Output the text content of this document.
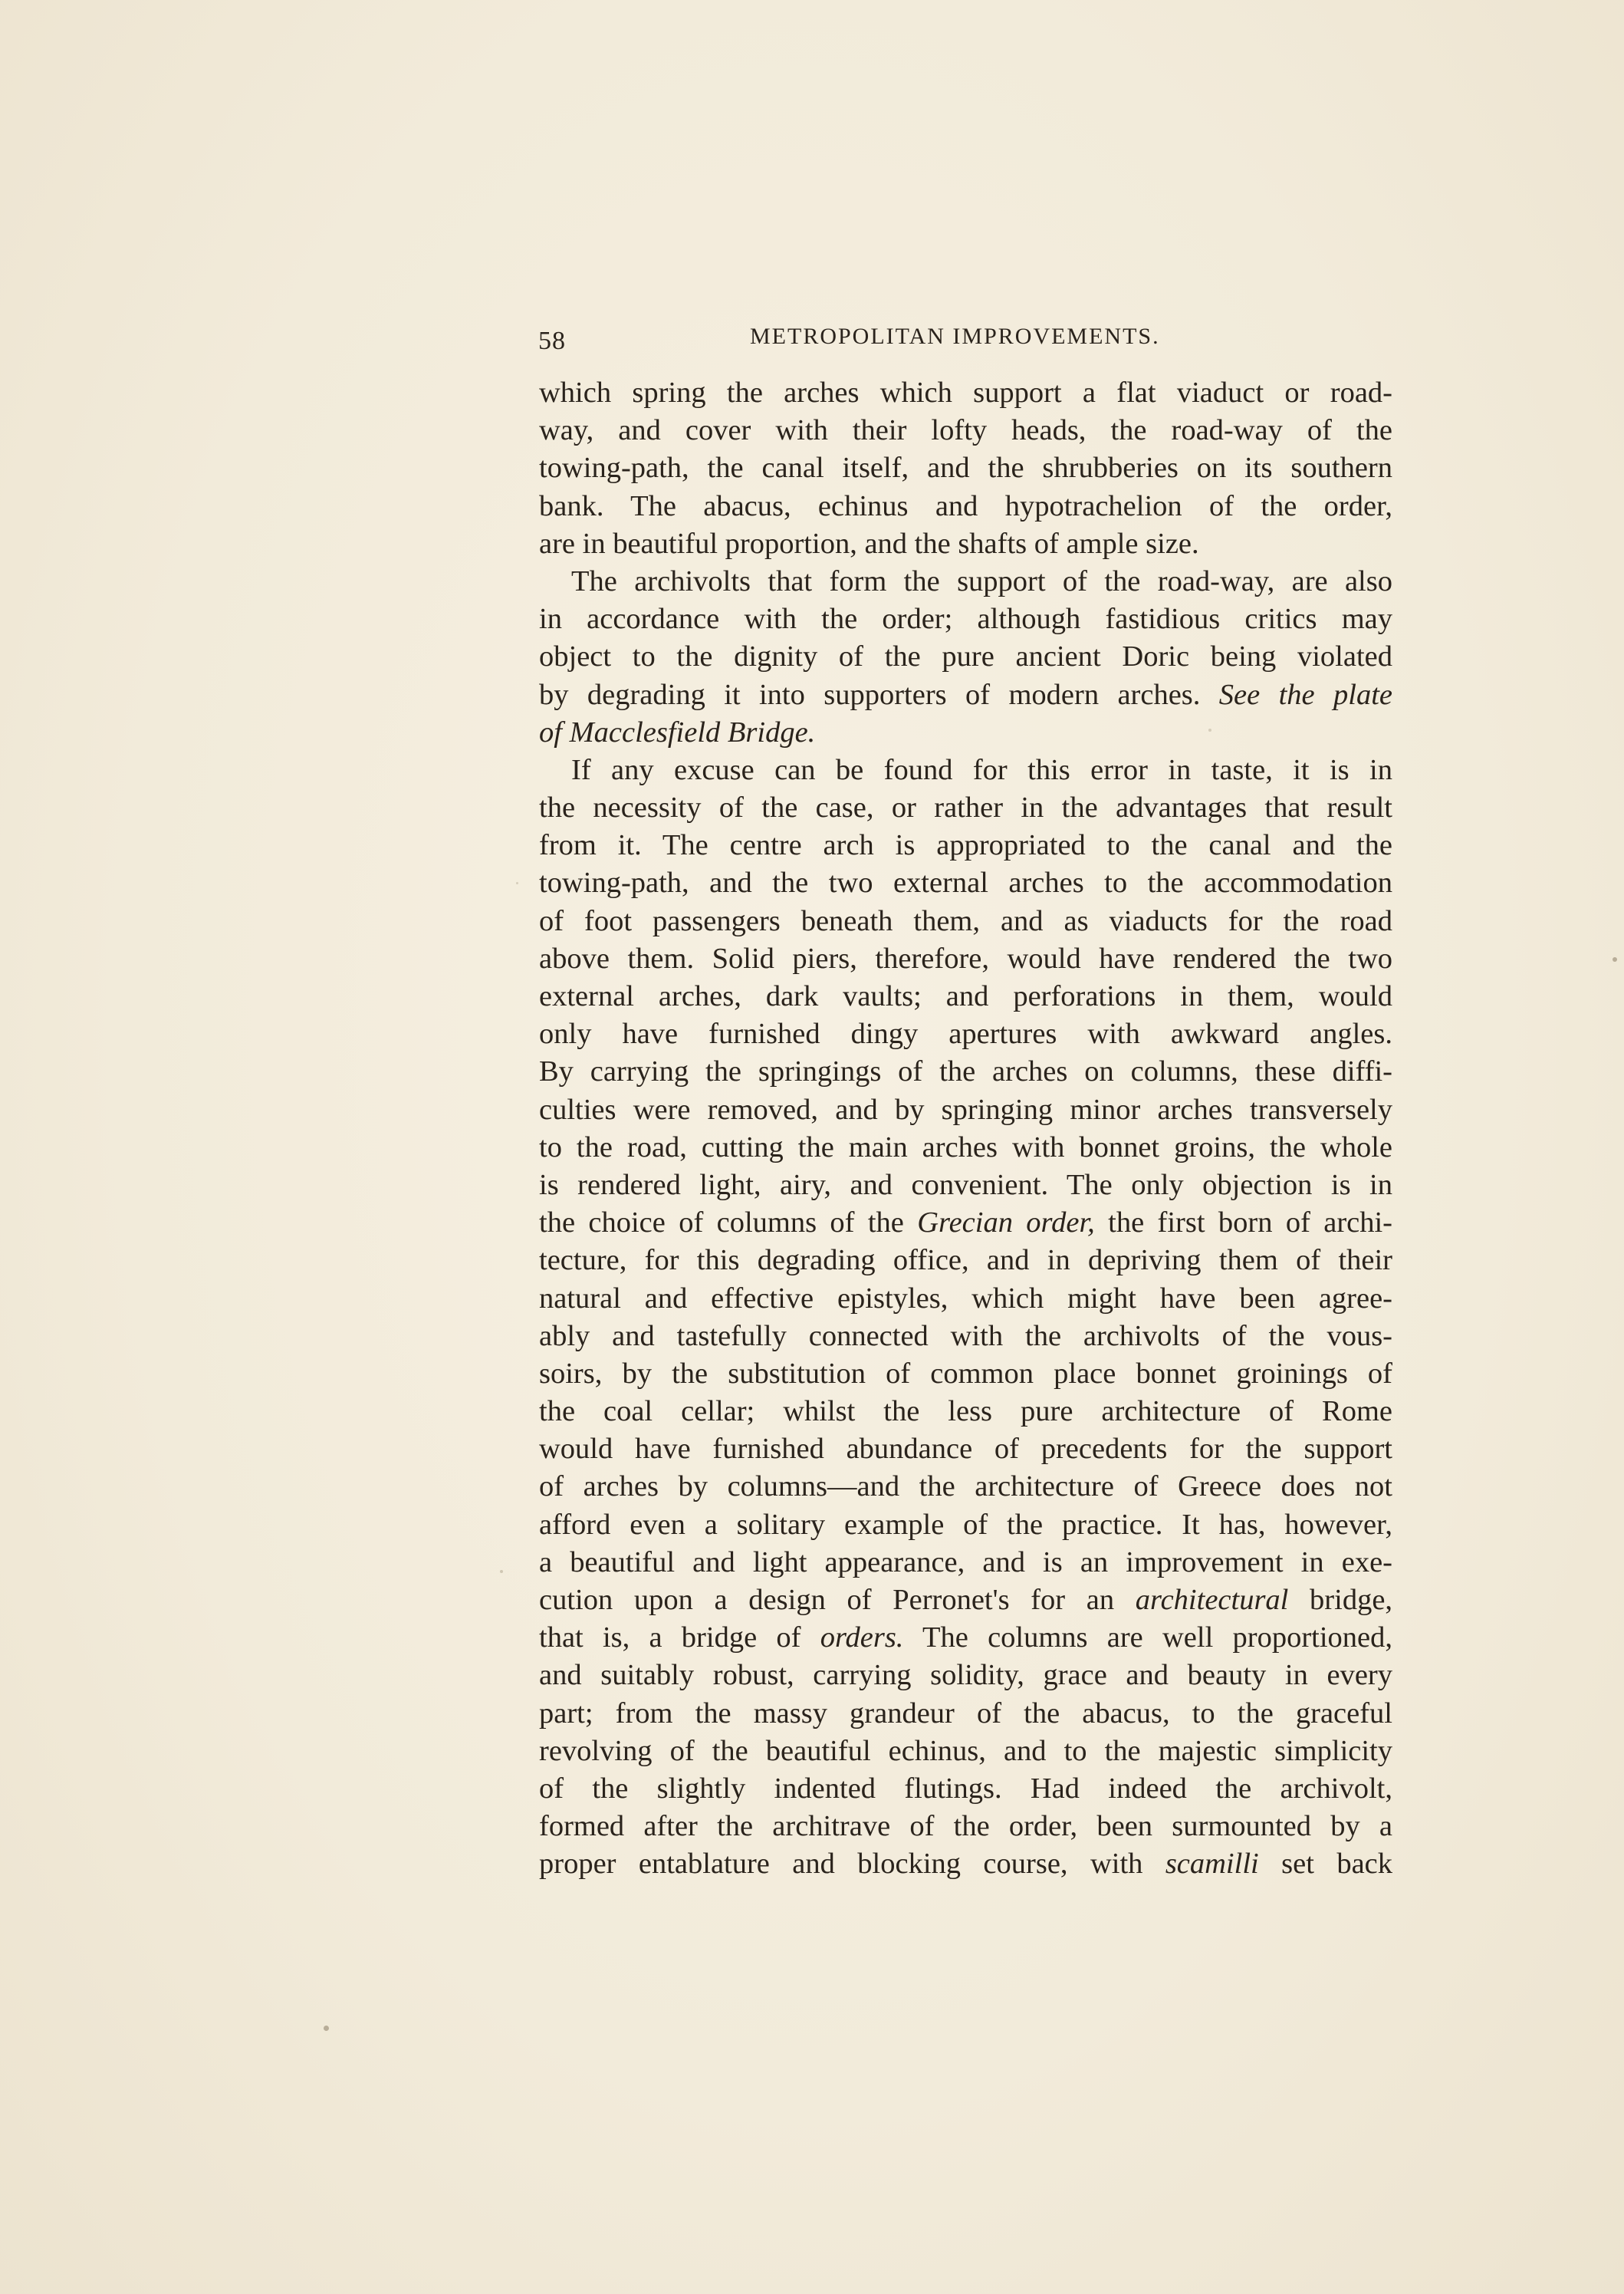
58	METROPOLITAN IMPROVEMENTS.
which spring the arches which support a flat viaduct or road-
way, and cover with their lofty heads, the road-way of the
towing-path, the canal itself, and the shrubberies on its southern
bank. The abacus, echinus and hypotrachelion of the order,
are in beautiful proportion, and the shafts of ample size.
The archivolts that form the support of the road-way, are also
in accordance with the order; although fastidious critics may
object to the dignity of the pure ancient Doric being violated
by degrading it into supporters of modern arches. See the plate
of Macclesfield Bridge.
If any excuse can be found for this error in taste, it is in
the necessity of the case, or rather in the advantages that result
from it. The centre arch is appropriated to the canal and the
towing-path, and the two external arches to the accommodation
of foot passengers beneath them, and as viaducts for the road
above them. Solid piers, therefore, would have rendered the two
external arches, dark vaults; and perforations in them, would
only have furnished dingy apertures with awkward angles.
By carrying the springings of the arches on columns, these diffi-
culties were removed, and by springing minor arches transversely
to the road, cutting the main arches with bonnet groins, the whole
is rendered light, airy, and convenient. The only objection is in
the choice of columns of the Grecian order, the first born of archi-
tecture, for this degrading office, and in depriving them of their
natural and effective epistyles, which might have been agree-
ably and tastefully connected with the archivolts of the vous-
soirs, by the substitution of common place bonnet groinings of
the coal cellar; whilst the less pure architecture of Rome
would have furnished abundance of precedents for the support
of arches by columns—and the architecture of Greece does not
afford even a solitary example of the practice. It has, however,
a beautiful and light appearance, and is an improvement in exe-
cution upon a design of Perronet's for an architectural bridge,
that is, a bridge of orders. The columns are well proportioned,
and suitably robust, carrying solidity, grace and beauty in every
part; from the massy grandeur of the abacus, to the graceful
revolving of the beautiful echinus, and to the majestic simplicity
of the slightly indented flutings. Had indeed the archivolt,
formed after the architrave of the order, been surmounted by a
proper entablature and blocking course, with scamilli set back
